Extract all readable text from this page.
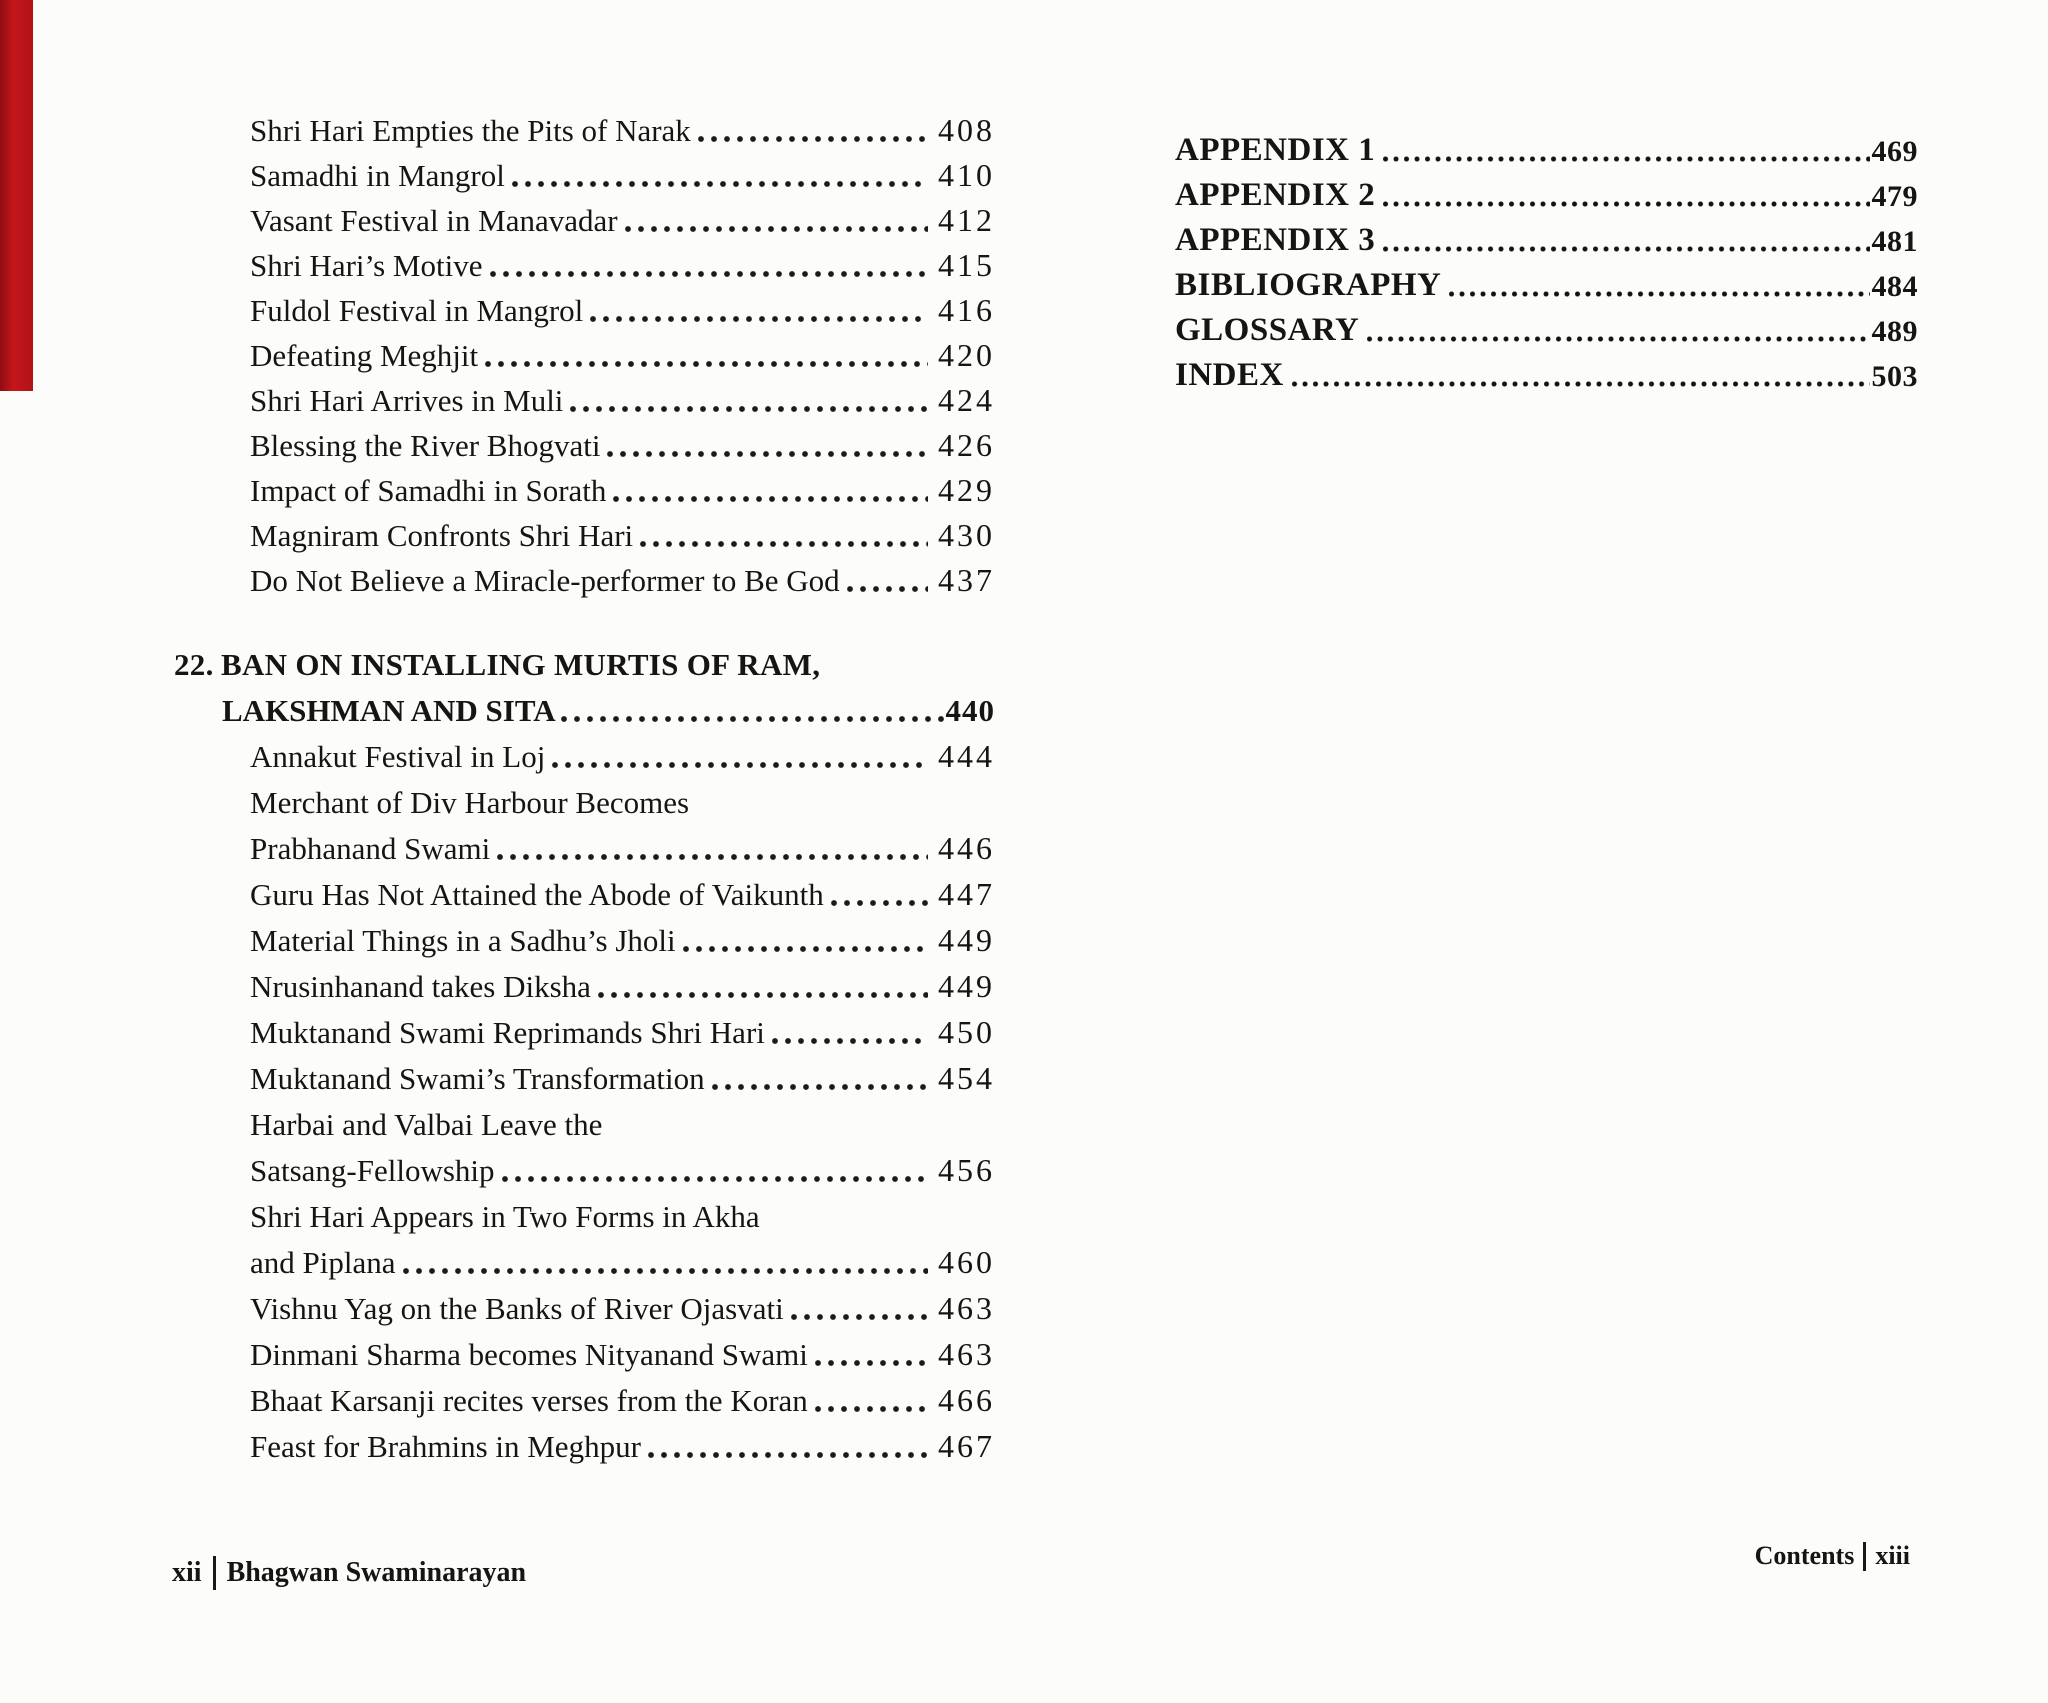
Shri Hari Empties the Pits of Narak	408
Samadhi in Mangrol	410
Vasant Festival in Manavadar	412
Shri Hari’s Motive	415
Fuldol Festival in Mangrol	416
Defeating Meghjit	420
Shri Hari Arrives in Muli	424
Blessing the River Bhogvati	426
Impact of Samadhi in Sorath	429
Magniram Confronts Shri Hari	430
Do Not Believe a Miracle-performer to Be God	437
22. BAN ON INSTALLING MURTIS OF RAM,
LAKSHMAN AND SITA	440
Annakut Festival in Loj	444
Merchant of Div Harbour Becomes
Prabhanand Swami	446
Guru Has Not Attained the Abode of Vaikunth	447
Material Things in a Sadhu’s Jholi	449
Nrusinhanand takes Diksha	449
Muktanand Swami Reprimands Shri Hari	450
Muktanand Swami’s Transformation	454
Harbai and Valbai Leave the
Satsang-Fellowship	456
Shri Hari Appears in Two Forms in Akha
and Piplana	460
Vishnu Yag on the Banks of River Ojasvati	463
Dinmani Sharma becomes Nityanand Swami	463
Bhaat Karsanji recites verses from the Koran	466
Feast for Brahmins in Meghpur	467
APPENDIX 1	469
APPENDIX 2	479
APPENDIX 3	481
BIBLIOGRAPHY	484
GLOSSARY	489
INDEX	503
xii Bhagwan Swaminarayan
Contents xiii
